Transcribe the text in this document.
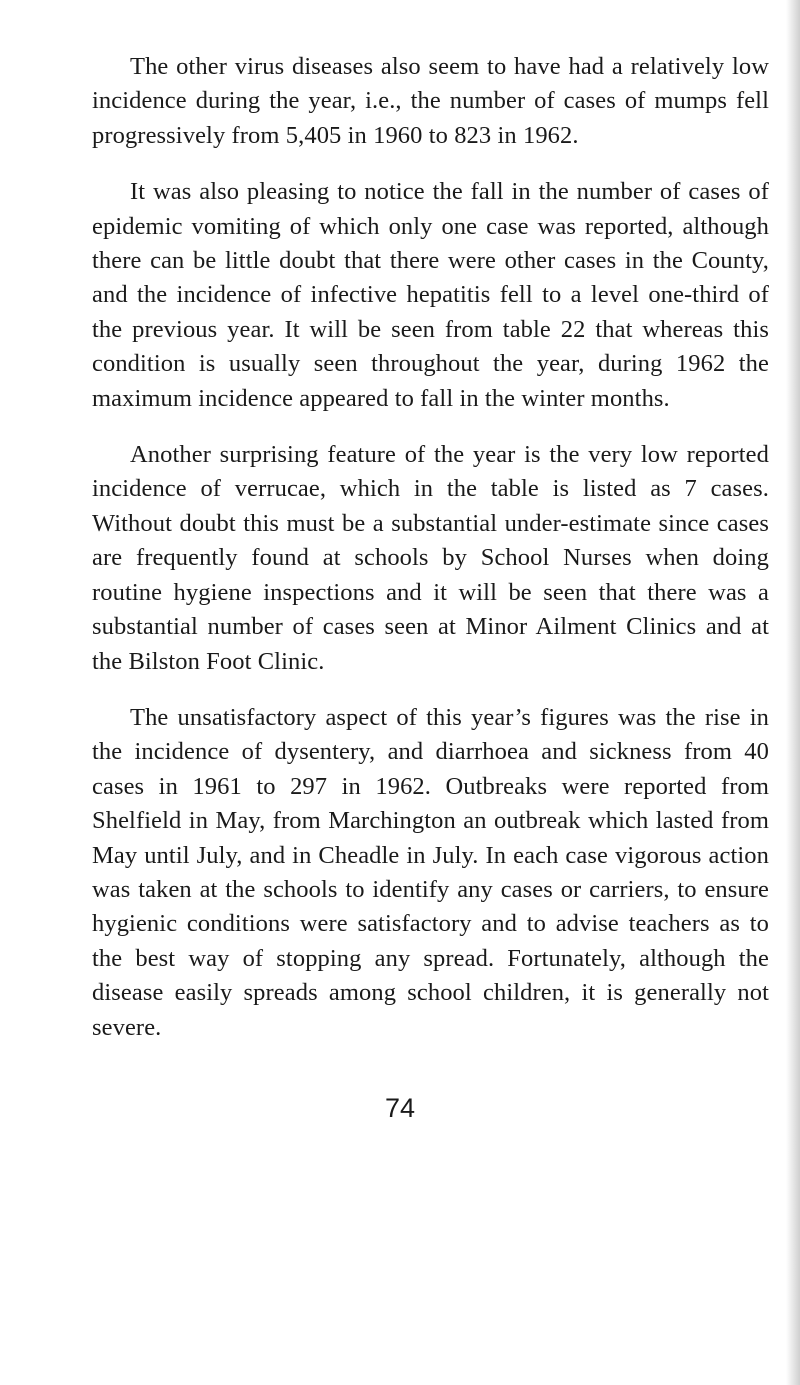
The other virus diseases also seem to have had a relatively low incidence during the year, i.e., the number of cases of mumps fell progressively from 5,405 in 1960 to 823 in 1962.

It was also pleasing to notice the fall in the number of cases of epidemic vomiting of which only one case was reported, although there can be little doubt that there were other cases in the County, and the incidence of infective hepatitis fell to a level one-third of the previous year. It will be seen from table 22 that whereas this condition is usually seen throughout the year, during 1962 the maximum incidence appeared to fall in the winter months.

Another surprising feature of the year is the very low reported incidence of verrucae, which in the table is listed as 7 cases. Without doubt this must be a substantial under-estimate since cases are frequently found at schools by School Nurses when doing routine hygiene inspections and it will be seen that there was a substantial number of cases seen at Minor Ailment Clinics and at the Bilston Foot Clinic.

The unsatisfactory aspect of this year’s figures was the rise in the incidence of dysentery, and diarrhoea and sickness from 40 cases in 1961 to 297 in 1962. Outbreaks were reported from Shelfield in May, from Marchington an outbreak which lasted from May until July, and in Cheadle in July. In each case vigorous action was taken at the schools to identify any cases or carriers, to ensure hygienic conditions were satisfactory and to advise teachers as to the best way of stopping any spread. Fortunately, although the disease easily spreads among school children, it is generally not severe.

74
